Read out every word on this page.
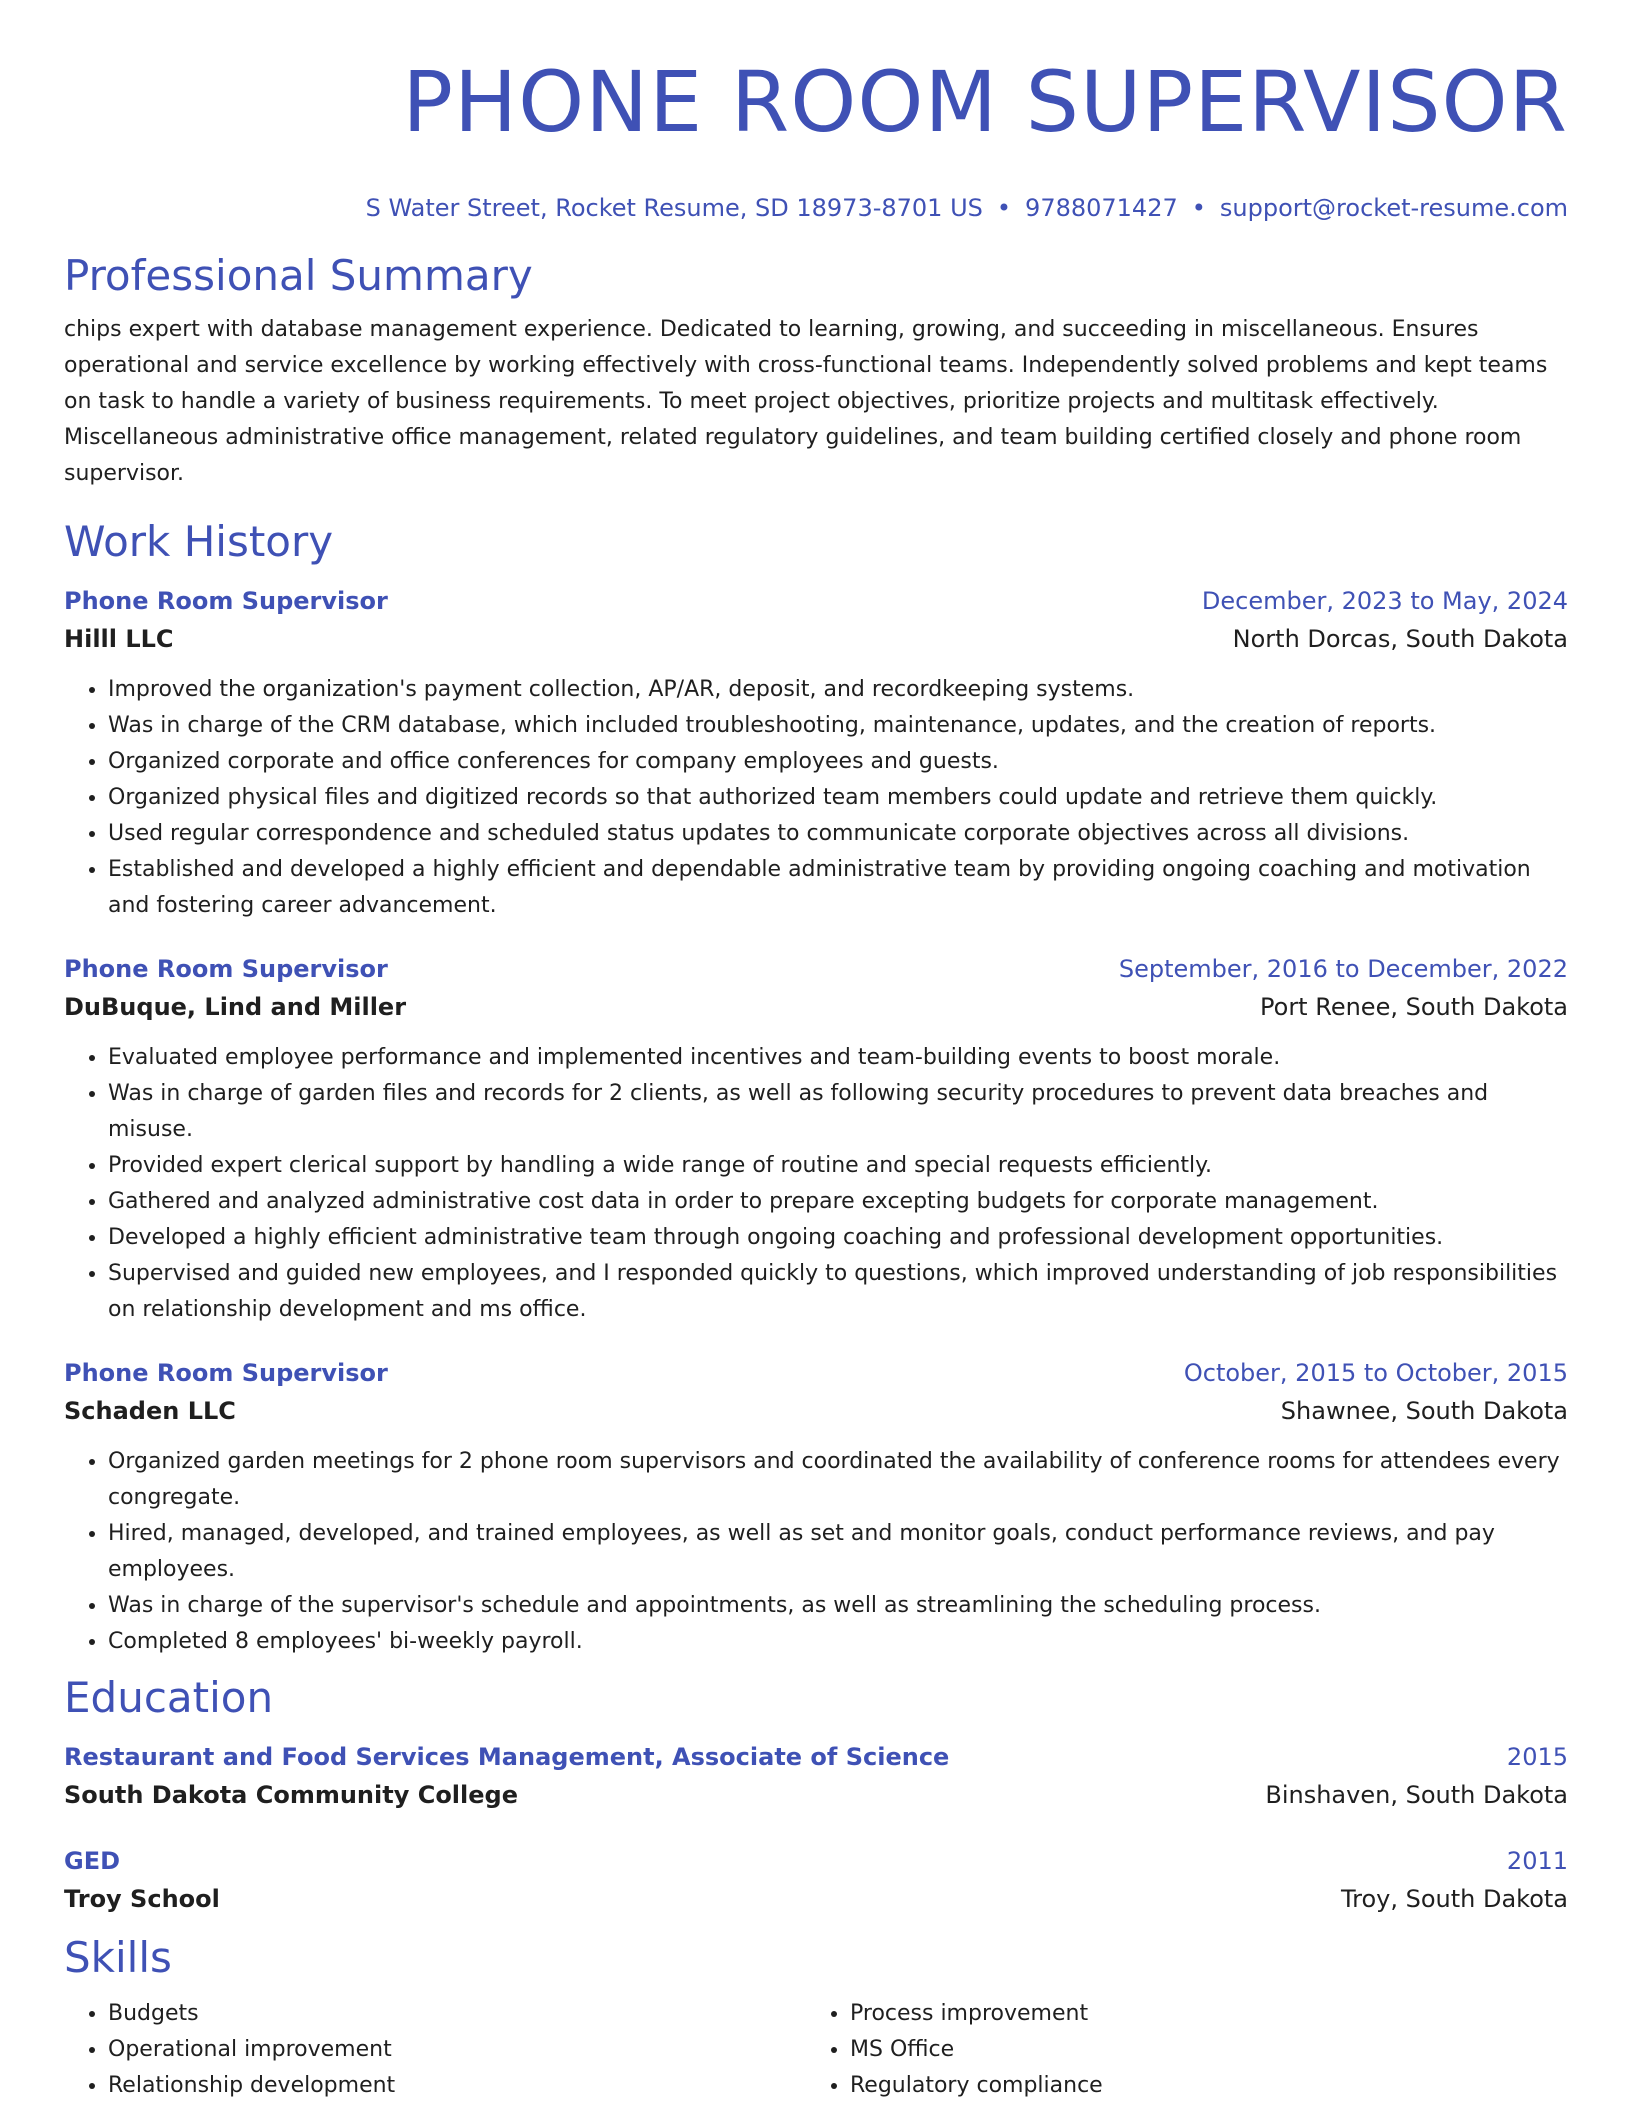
PHONE ROOM SUPERVISOR
S Water Street, Rocket Resume, SD 18973-8701 US • 9788071427 • support@rocket-resume.com
Professional Summary

chips expert with database management experience. Dedicated to learning, growing, and succeeding in miscellaneous. Ensures operational and service excellence by working effectively with cross-functional teams. Independently solved problems and kept teams on task to handle a variety of business requirements. To meet project objectives, prioritize projects and multitask effectively. Miscellaneous administrative office management, related regulatory guidelines, and team building certified closely and phone room supervisor.

Work History
Phone Room Supervisor	December, 2023 to May, 2024
Hilll LLC	North Dorcas, South Dakota
• Improved the organization's payment collection, AP/AR, deposit, and recordkeeping systems.
• Was in charge of the CRM database, which included troubleshooting, maintenance, updates, and the creation of reports.
• Organized corporate and office conferences for company employees and guests.
• Organized physical files and digitized records so that authorized team members could update and retrieve them quickly.
• Used regular correspondence and scheduled status updates to communicate corporate objectives across all divisions.
• Established and developed a highly efficient and dependable administrative team by providing ongoing coaching and motivation and fostering career advancement.
Phone Room Supervisor	September, 2016 to December, 2022
DuBuque, Lind and Miller	Port Renee, South Dakota
• Evaluated employee performance and implemented incentives and team-building events to boost morale.
• Was in charge of garden files and records for 2 clients, as well as following security procedures to prevent data breaches and misuse.
• Provided expert clerical support by handling a wide range of routine and special requests efficiently.
• Gathered and analyzed administrative cost data in order to prepare excepting budgets for corporate management.
• Developed a highly efficient administrative team through ongoing coaching and professional development opportunities.
• Supervised and guided new employees, and I responded quickly to questions, which improved understanding of job responsibilities on relationship development and ms office.
Phone Room Supervisor	October, 2015 to October, 2015
Schaden LLC	Shawnee, South Dakota
• Organized garden meetings for 2 phone room supervisors and coordinated the availability of conference rooms for attendees every congregate.
• Hired, managed, developed, and trained employees, as well as set and monitor goals, conduct performance reviews, and pay employees.
• Was in charge of the supervisor's schedule and appointments, as well as streamlining the scheduling process.
• Completed 8 employees' bi-weekly payroll.
Education
Restaurant and Food Services Management, Associate of Science	2015
South Dakota Community College	Binshaven, South Dakota
GED	2011
Troy School	Troy, South Dakota
Skills
• Budgets
• Operational improvement
• Relationship development
• Process improvement
• MS Office
• Regulatory compliance
